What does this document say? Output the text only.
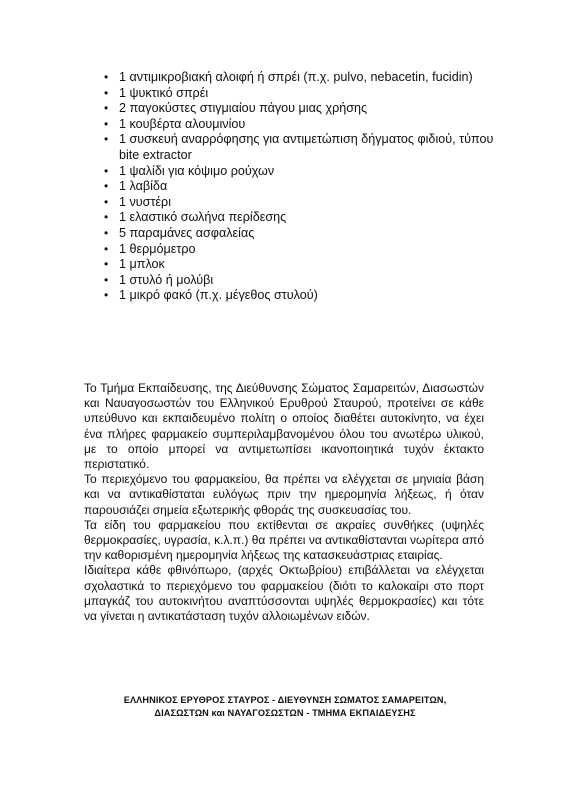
• 1 αντιμικροβιακή αλοιφή ή σπρέι (π.χ. pulvo, nebacetin, fucidin)
• 1 ψυκτικό σπρέι
• 2 παγοκύστες στιγμιαίου πάγου μιας χρήσης
• 1 κουβέρτα αλουμινίου
• 1 συσκευή αναρρόφησης για αντιμετώπιση δήγματος φιδιού, τύπου bite extractor
• 1 ψαλίδι για κόψιμο ρούχων
• 1 λαβίδα
• 1 νυστέρι
• 1 ελαστικό σωλήνα περίδεσης
• 5 παραμάνες ασφαλείας
• 1 θερμόμετρο
• 1 μπλοκ
• 1 στυλό ή μολύβι
• 1 μικρό φακό (π.χ. μέγεθος στυλού)

Το Τμήμα Εκπαίδευσης, της Διεύθυνσης Σώματος Σαμαρειτών, Διασωστών και Ναυαγοσωστών του Ελληνικού Ερυθρού Σταυρού, προτείνει σε κάθε υπεύθυνο και εκπαιδευμένο πολίτη ο οποίος διαθέτει αυτοκίνητο, να έχει ένα πλήρες φαρμακείο συμπεριλαμβανομένου όλου του ανωτέρω υλικού, με το οποίο μπορεί να αντιμετωπίσει ικανοποιητικά τυχόν έκτακτο περιστατικό.

Το περιεχόμενο του φαρμακείου, θα πρέπει να ελέγχεται σε μηνιαία βάση και να αντικαθίσταται ευλόγως πριν την ημερομηνία λήξεως, ή όταν παρουσιάζει σημεία εξωτερικής φθοράς της συσκευασίας του.

Τα είδη του φαρμακείου που εκτίθενται σε ακραίες συνθήκες (υψηλές θερμοκρασίες, υγρασία, κ.λ.π.) θα πρέπει να αντικαθίστανται νωρίτερα από την καθορισμένη ημερομηνία λήξεως της κατασκευάστριας εταιρίας.

Ιδιαίτερα κάθε φθινόπωρο, (αρχές Οκτωβρίου) επιβάλλεται να ελέγχεται σχολαστικά το περιεχόμενο του φαρμακείου (διότι το καλοκαίρι στο πορτ μπαγκάζ του αυτοκινήτου αναπτύσσονται υψηλές θερμοκρασίες) και τότε να γίνεται η αντικατάσταση τυχόν αλλοιωμένων ειδών.

ΕΛΛΗΝΙΚΟΣ ΕΡΥΘΡΟΣ ΣΤΑΥΡΟΣ - ΔΙΕΥΘΥΝΣΗ ΣΩΜΑΤΟΣ ΣΑΜΑΡΕΙΤΩΝ,
ΔΙΑΣΩΣΤΩΝ και ΝΑΥΑΓΟΣΩΣΤΩΝ - ΤΜΗΜΑ ΕΚΠΑΙΔΕΥΣΗΣ
